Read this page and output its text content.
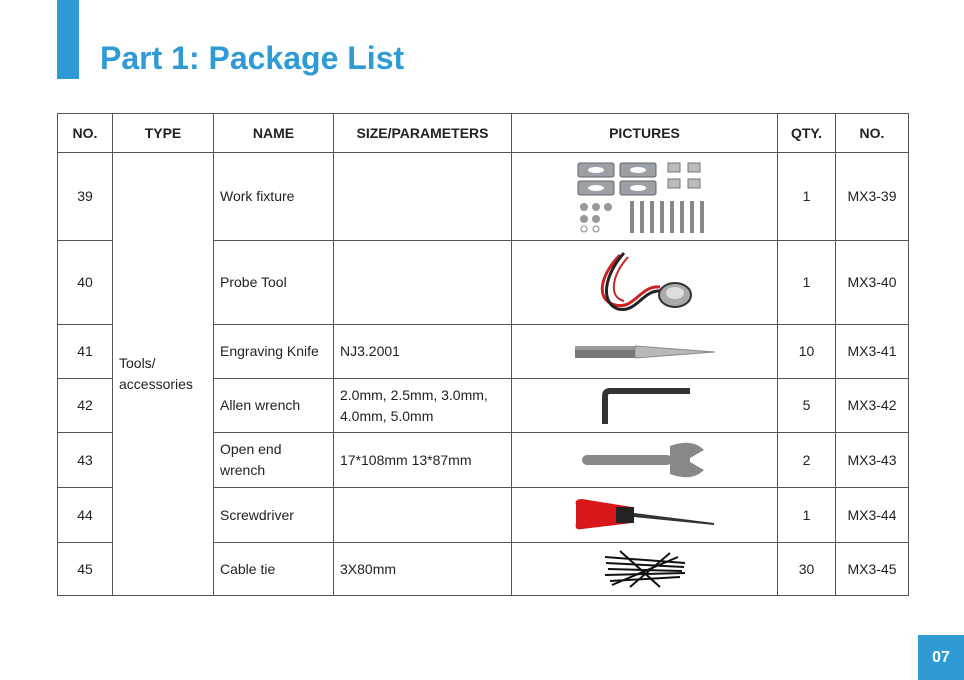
Part 1: Package List
NO.	TYPE	NAME	SIZE/PARAMETERS	PICTURES	QTY.	NO.
39	Tools/ accessories	Work fixture			1	MX3-39
40		Probe Tool			1	MX3-40
41		Engraving Knife	NJ3.2001		10	MX3-41
42		Allen wrench	2.0mm, 2.5mm, 3.0mm, 4.0mm, 5.0mm		5	MX3-42
43		Open end wrench	17*108mm 13*87mm		2	MX3-43
44		Screwdriver			1	MX3-44
45		Cable tie	3X80mm		30	MX3-45
07
